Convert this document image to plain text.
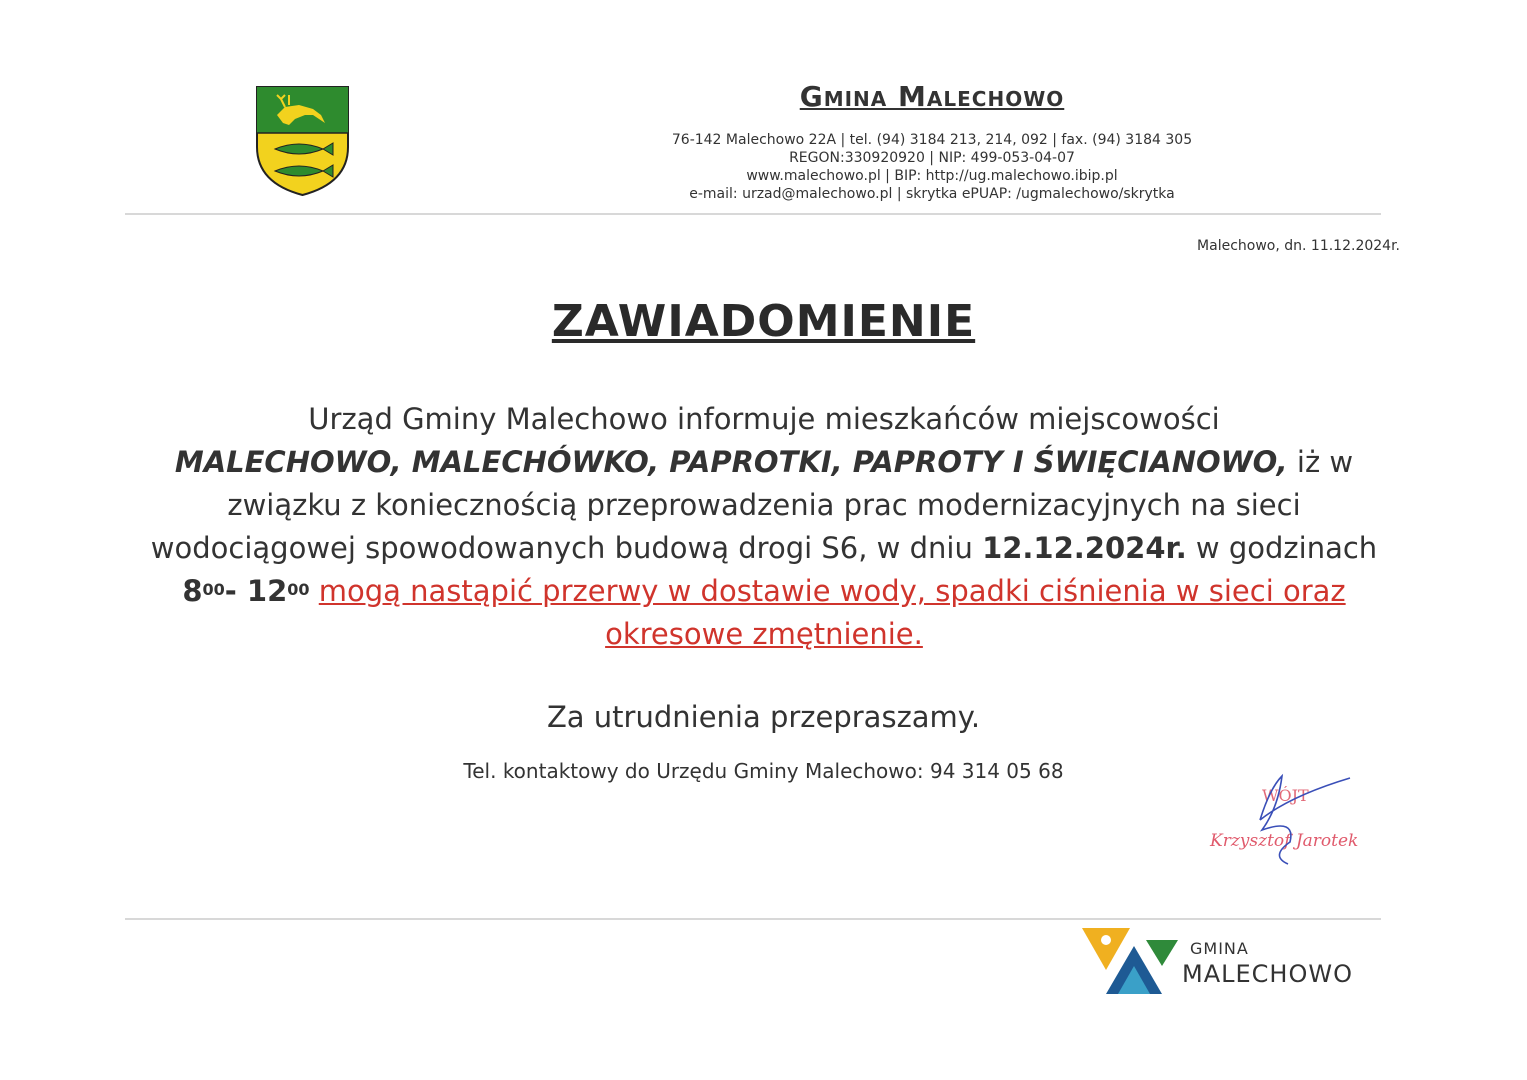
Gmina Malechowo
76-142 Malechowo 22A | tel. (94) 3184 213, 214, 092 | fax. (94) 3184 305
REGON:330920920 | NIP: 499-053-04-07
www.malechowo.pl | BIP: http://ug.malechowo.ibip.pl
e-mail: urzad@malechowo.pl | skrytka ePUAP: /ugmalechowo/skrytka
Malechowo, dn. 11.12.2024r.
ZAWIADOMIENIE
Urząd Gminy Malechowo informuje mieszkańców miejscowości
MALECHOWO, MALECHÓWKO, PAPROTKI, PAPROTY I ŚWIĘCIANOWO, iż w związku z koniecznością przeprowadzenia prac modernizacyjnych na sieci wodociągowej spowodowanych budową drogi S6, w dniu 12.12.2024r. w godzinach $8^{00}-$ $12^{00}$ mogą nastąpić przerwy w dostawie wody, spadki ciśnienia w sieci oraz okresowe zmętnienie.
Za utrudnienia przepraszamy.
Tel. kontaktowy do Urzędu Gminy Malechowo: 94 314 05 68
WÓJT
Krzysztof Jarotek
GMINA
MALECHOWO
